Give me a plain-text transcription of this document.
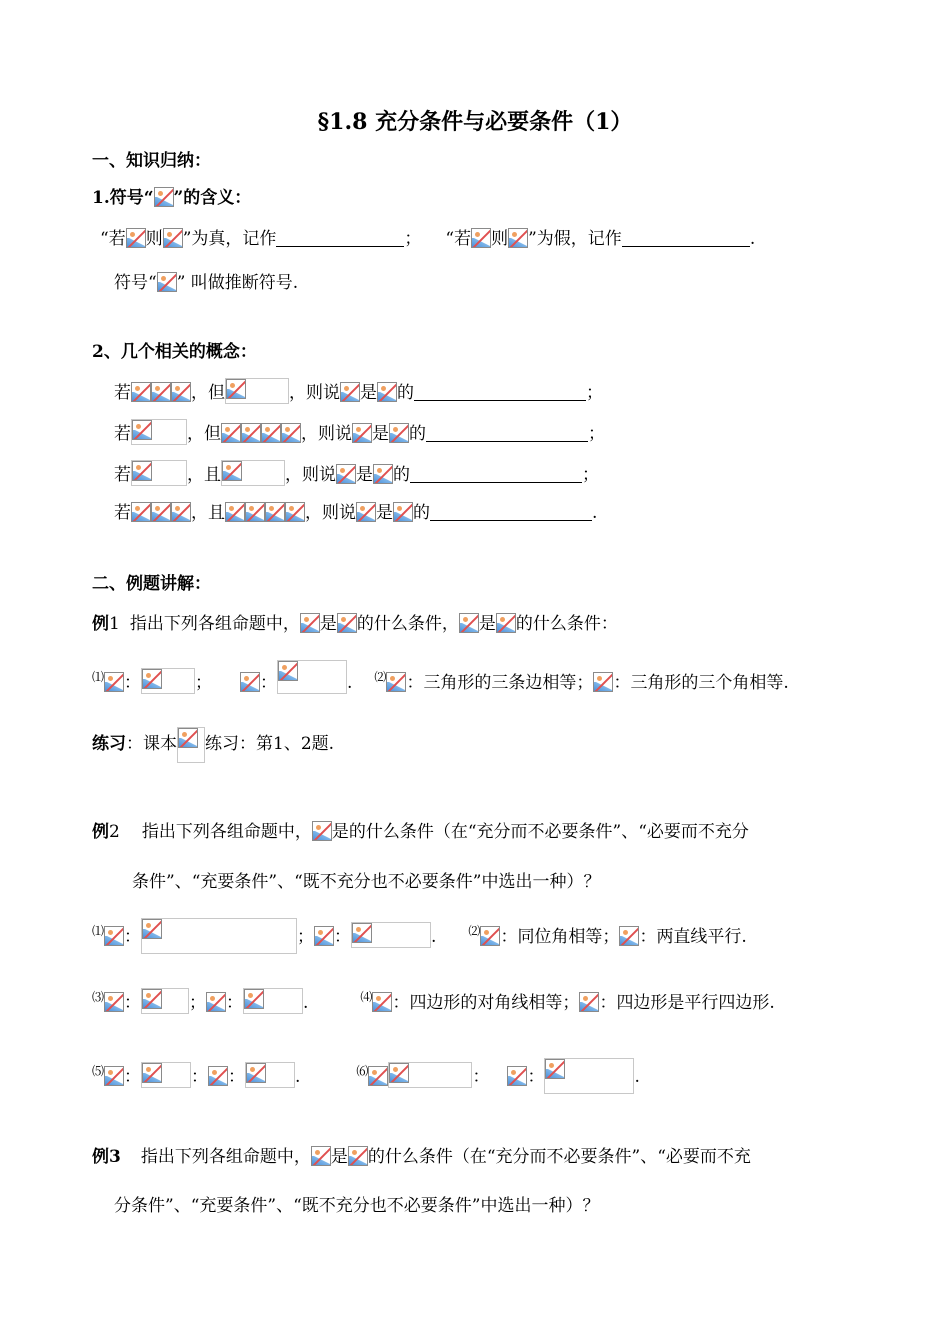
§1.8 充分条件与必要条件（1）
一、知识归纳：
1.符号“ ”的含义：
“若 则 ”为真，记作	； “若 则 ”为假，记作	.
符号“ ” 叫做推断符号.
2、几个相关的概念：
若	，但	，则说 是 的	；
若	，但	，则说 是 的	；
若	，且	，则说 是 的	；
若	，且	，则说 是 的	.
二、例题讲解：
例1 指出下列各组命题中， 是 的什么条件， 是 的什么条件：
⑴ ：	；	：	. ⑵ ：三角形的三条边相等； ：三角形的三个角相等.
练习：课本 练习：第1、2题.
例2 指出下列各组命题中， 是的什么条件（在“充分而不必要条件”、“必要而不充分
条件”、“充要条件”、“既不充分也不必要条件”中选出一种）？
⑴ ：	； ：	.	⑵ ：同位角相等； ：两直线平行.
⑶ ：	； ：	.	⑷ ：四边形的对角线相等； ：四边形是平行四边形.
⑸ ：	： ：	.	⑹	： ：	.
例3 指出下列各组命题中， 是 的什么条件（在“充分而不必要条件”、“必要而不充
分条件”、“充要条件”、“既不充分也不必要条件”中选出一种）？
